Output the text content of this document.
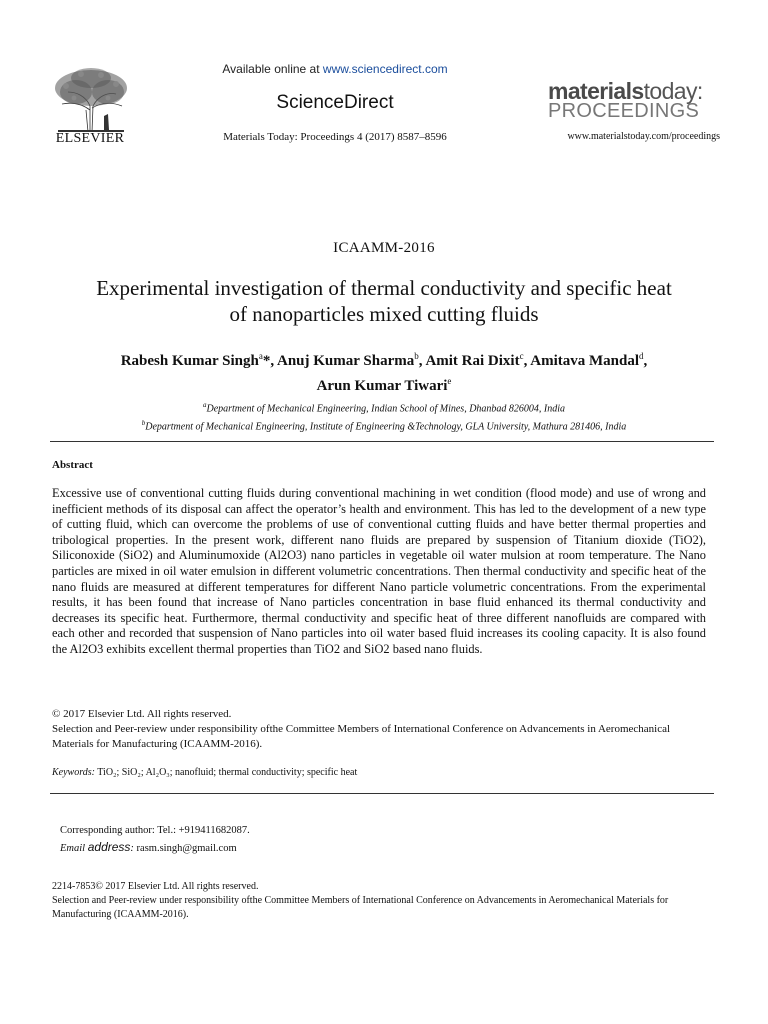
ELSEVIER
Available online at www.sciencedirect.com
ScienceDirect
Materials Today: Proceedings 4 (2017) 8587–8596
materialstoday:
PROCEEDINGS
www.materialstoday.com/proceedings
ICAAMM-2016
Experimental investigation of thermal conductivity and specific heat
of nanoparticles mixed cutting fluids
Rabesh Kumar Singh$^a$*, Anuj Kumar Sharma$^b$, Amit Rai Dixit$^c$, Amitava Mandal$^d$,
Arun Kumar Tiwari$^e$
$^a$Department of Mechanical Engineering, Indian School of Mines, Dhanbad 826004, India
$^b$Department of Mechanical Engineering, Institute of Engineering &Technology, GLA University, Mathura 281406, India
Abstract
Excessive use of conventional cutting fluids during conventional machining in wet condition (flood mode) and use of wrong and inefficient methods of its disposal can affect the operator’s health and environment. This has led to the development of a new type of cutting fluid, which can overcome the problems of use of conventional cutting fluids and have better thermal properties and tribological properties. In the present work, different nano fluids are prepared by suspension of Titanium dioxide (TiO2), Siliconoxide (SiO2) and Aluminumoxide (Al2O3) nano particles in vegetable oil water mulsion at room temperature. The Nano particles are mixed in oil water emulsion in different volumetric concentrations. Then thermal conductivity and specific heat of the nano fluids are measured at different temperatures for different Nano particle volumetric concentrations. From the experimental results, it has been found that increase of Nano particles concentration in base fluid enhanced its thermal conductivity and decreases its specific heat. Furthermore, thermal conductivity and specific heat of three different nanofluids are compared with each other and recorded that suspension of Nano particles into oil water based fluid increases its cooling capacity. It is also found the Al2O3 exhibits excellent thermal properties than TiO2 and SiO2 based nano fluids.
© 2017 Elsevier Ltd. All rights reserved.
Selection and Peer-review under responsibility ofthe Committee Members of International Conference on Advancements in Aeromechanical Materials for Manufacturing (ICAAMM-2016).
Keywords: TiO₂; SiO₂; Al₂O₃; nanofluid; thermal conductivity; specific heat
Corresponding author: Tel.: +919411682087.
Email address: rasm.singh@gmail.com
2214-7853© 2017 Elsevier Ltd. All rights reserved.
Selection and Peer-review under responsibility ofthe Committee Members of International Conference on Advancements in Aeromechanical Materials for Manufacturing (ICAAMM-2016).
